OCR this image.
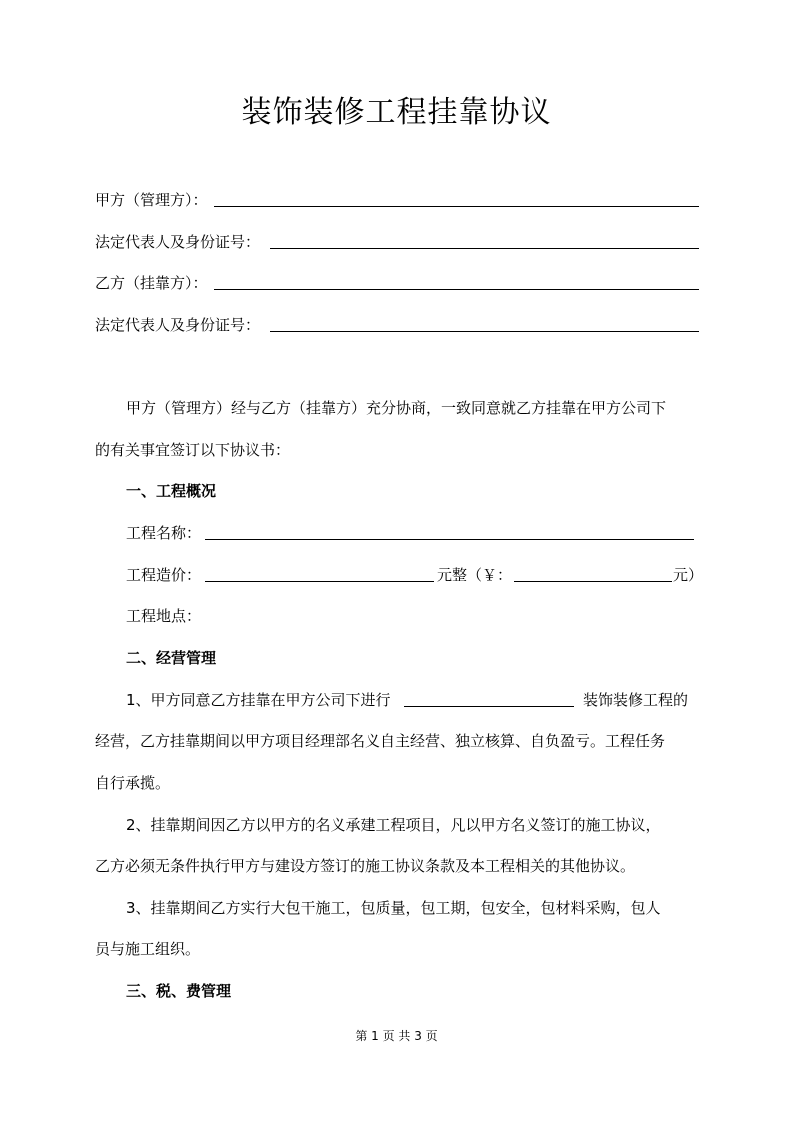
装饰装修工程挂靠协议
甲方（管理方）：
法定代表人及身份证号：
乙方（挂靠方）：
法定代表人及身份证号：
甲方（管理方）经与乙方（挂靠方）充分协商，一致同意就乙方挂靠在甲方公司下
的有关事宜签订以下协议书：
一、工程概况
工程名称：
工程造价：	元整（￥：	元）
工程地点：
二、经营管理
1、甲方同意乙方挂靠在甲方公司下进行	装饰装修工程的
经营，乙方挂靠期间以甲方项目经理部名义自主经营、独立核算、自负盈亏。工程任务
自行承揽。
2、挂靠期间因乙方以甲方的名义承建工程项目，凡以甲方名义签订的施工协议，
乙方必须无条件执行甲方与建设方签订的施工协议条款及本工程相关的其他协议。
3、挂靠期间乙方实行大包干施工，包质量，包工期，包安全，包材料采购，包人
员与施工组织。
三、税、费管理
第 1 页 共 3 页
